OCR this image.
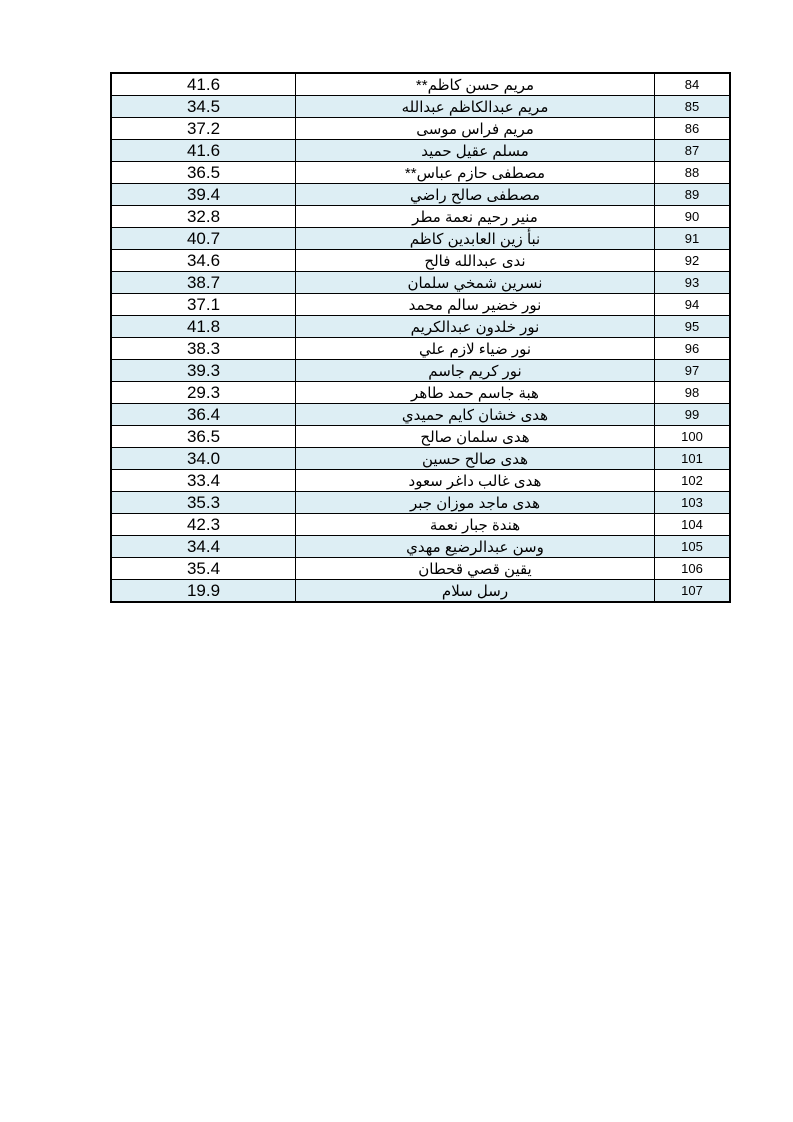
41.6	مريم حسن كاظم**	84
34.5	مريم عبدالكاظم عبدالله	85
37.2	مريم فراس موسى	86
41.6	مسلم عقيل حميد	87
36.5	مصطفى حازم عباس**	88
39.4	مصطفى صالح راضي	89
32.8	منير رحيم نعمة مطر	90
40.7	نبأ زين العابدين كاظم	91
34.6	ندى عبدالله فالح	92
38.7	نسرين شمخي سلمان	93
37.1	نور خضير سالم محمد	94
41.8	نور خلدون عبدالكريم	95
38.3	نور ضياء لازم علي	96
39.3	نور كريم جاسم	97
29.3	هبة جاسم حمد طاهر	98
36.4	هدى خشان كايم حميدي	99
36.5	هدى سلمان صالح	100
34.0	هدى صالح حسين	101
33.4	هدى غالب داغر سعود	102
35.3	هدى ماجد موزان جبر	103
42.3	هندة جبار نعمة	104
34.4	وسن عبدالرضيع مهدي	105
35.4	يقين قصي قحطان	106
19.9	رسل سلام	107
